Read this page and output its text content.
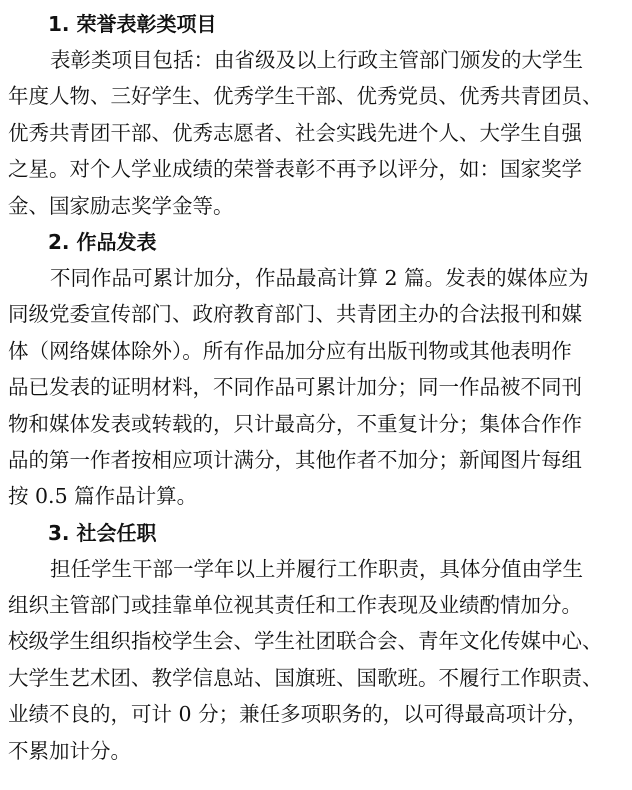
1. 荣誉表彰类项目
表彰类项目包括：由省级及以上行政主管部门颁发的大学生
年度人物、三好学生、优秀学生干部、优秀党员、优秀共青团员、
优秀共青团干部、优秀志愿者、社会实践先进个人、大学生自强
之星。对个人学业成绩的荣誉表彰不再予以评分，如：国家奖学
金、国家励志奖学金等。
2. 作品发表
不同作品可累计加分，作品最高计算 2 篇。发表的媒体应为
同级党委宣传部门、政府教育部门、共青团主办的合法报刊和媒
体（网络媒体除外）。所有作品加分应有出版刊物或其他表明作
品已发表的证明材料，不同作品可累计加分；同一作品被不同刊
物和媒体发表或转载的，只计最高分，不重复计分；集体合作作
品的第一作者按相应项计满分，其他作者不加分；新闻图片每组
按 0.5 篇作品计算。
3. 社会任职
担任学生干部一学年以上并履行工作职责，具体分值由学生
组织主管部门或挂靠单位视其责任和工作表现及业绩酌情加分。
校级学生组织指校学生会、学生社团联合会、青年文化传媒中心、
大学生艺术团、教学信息站、国旗班、国歌班。不履行工作职责、
业绩不良的，可计 0 分；兼任多项职务的，以可得最高项计分，
不累加计分。
